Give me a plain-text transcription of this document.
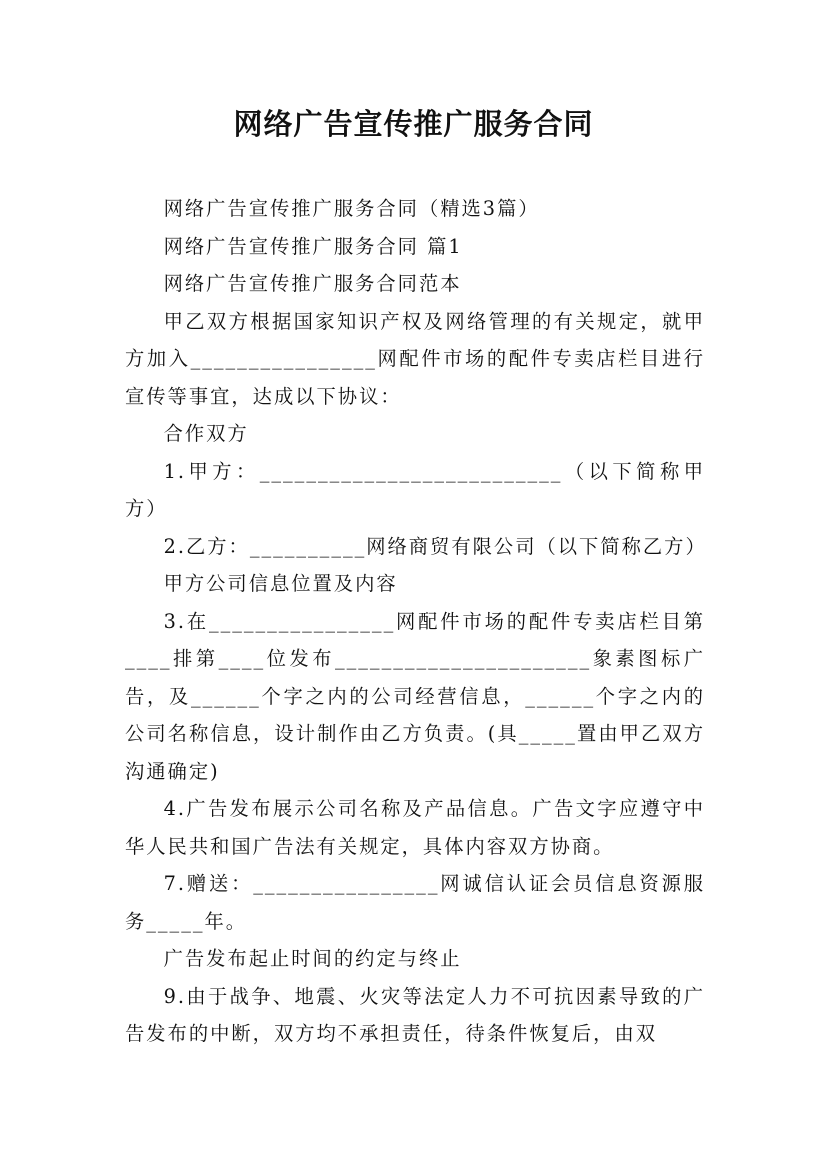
网络广告宣传推广服务合同

网络广告宣传推广服务合同（精选3篇）

网络广告宣传推广服务合同 篇1

网络广告宣传推广服务合同范本

甲乙双方根据国家知识产权及网络管理的有关规定，就甲方加入________________网配件市场的配件专卖店栏目进行宣传等事宜，达成以下协议：

合作双方

1.甲方：__________________________（以下简称甲方）

2.乙方：__________网络商贸有限公司（以下简称乙方）

甲方公司信息位置及内容

3.在________________网配件市场的配件专卖店栏目第____排第____位发布______________________象素图标广告，及______个字之内的公司经营信息，______个字之内的公司名称信息，设计制作由乙方负责。(具_____置由甲乙双方沟通确定)

4.广告发布展示公司名称及产品信息。广告文字应遵守中华人民共和国广告法有关规定，具体内容双方协商。

7.赠送：________________网诚信认证会员信息资源服务_____年。

广告发布起止时间的约定与终止

9.由于战争、地震、火灾等法定人力不可抗因素导致的广告发布的中断，双方均不承担责任，待条件恢复后，由双
